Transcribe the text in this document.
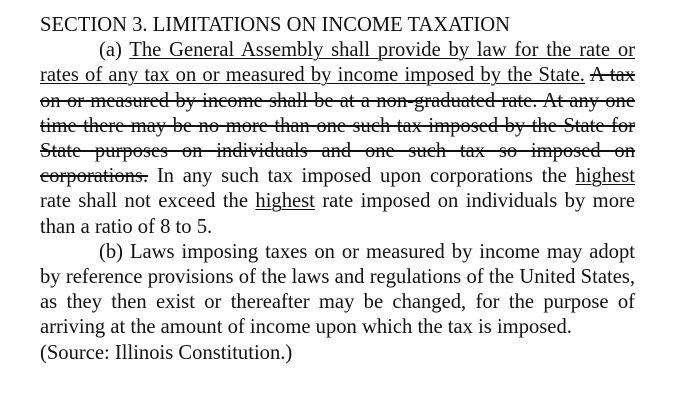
SECTION 3. LIMITATIONS ON INCOME TAXATION

(a) The General Assembly shall provide by law for the rate or rates of any tax on or measured by income imposed by the State. A tax on or measured by income shall be at a non-graduated rate. At any one time there may be no more than one such tax imposed by the State for State purposes on individuals and one such tax so imposed on corporations. In any such tax imposed upon corporations the highest rate shall not exceed the highest rate imposed on individuals by more than a ratio of 8 to 5.

(b) Laws imposing taxes on or measured by income may adopt by reference provisions of the laws and regulations of the United States, as they then exist or thereafter may be changed, for the purpose of arriving at the amount of income upon which the tax is imposed.

(Source: Illinois Constitution.)
